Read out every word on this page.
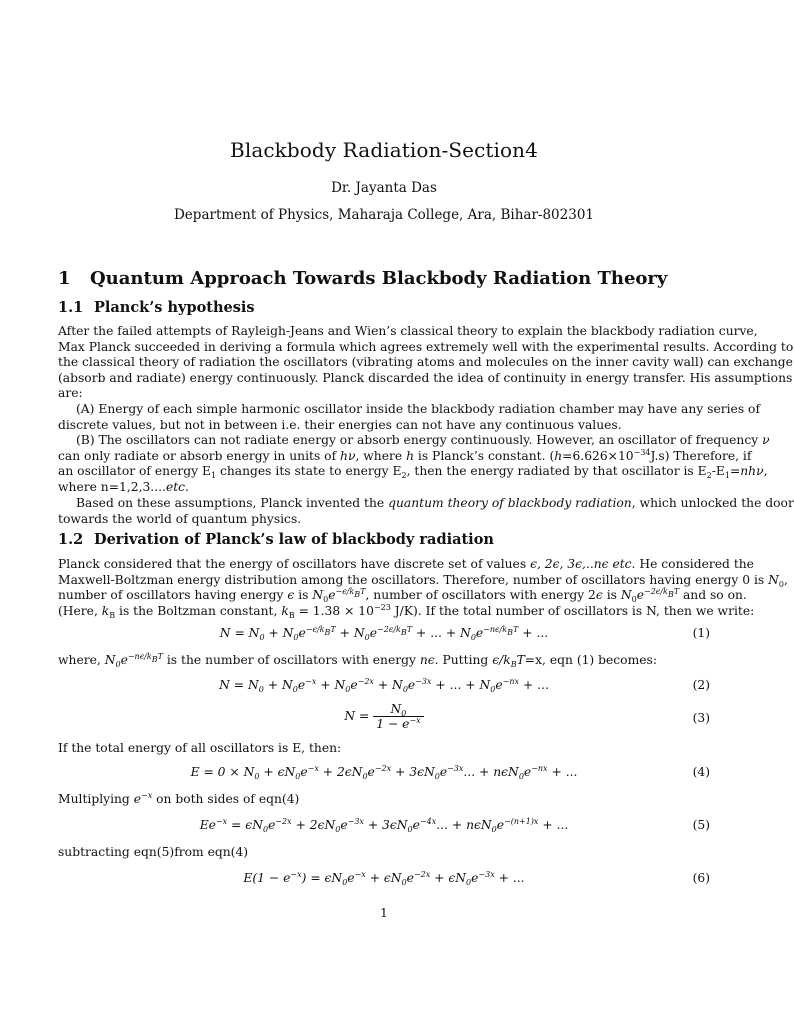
Blackbody Radiation-Section4
Dr. Jayanta Das
Department of Physics, Maharaja College, Ara, Bihar-802301
1 Quantum Approach Towards Blackbody Radiation Theory
1.1 Planck’s hypothesis
After the failed attempts of Rayleigh-Jeans and Wien’s classical theory to explain the blackbody radiation curve,
Max Planck succeeded in deriving a formula which agrees extremely well with the experimental results. According to
the classical theory of radiation the oscillators (vibrating atoms and molecules on the inner cavity wall) can exchange
(absorb and radiate) energy continuously. Planck discarded the idea of continuity in energy transfer. His assumptions
are:
(A) Energy of each simple harmonic oscillator inside the blackbody radiation chamber may have any series of
discrete values, but not in between i.e. their energies can not have any continuous values.
(B) The oscillators can not radiate energy or absorb energy continuously. However, an oscillator of frequency ν
can only radiate or absorb energy in units of hν, where h is Planck’s constant. $(h=6.626\times 10^{-34}J.s)$ Therefore, if
an oscillator of energy $E_1$ changes its state to energy $E_2$, then the energy radiated by that oscillator is $E_2-E_1=nh\nu$,
where n=1,2,3....etc.
Based on these assumptions, Planck invented the quantum theory of blackbody radiation, which unlocked the door
towards the world of quantum physics.
1.2 Derivation of Planck’s law of blackbody radiation
Planck considered that the energy of oscillators have discrete set of values ϵ, 2ϵ, 3ϵ,..nϵ etc. He considered the
Maxwell-Boltzman energy distribution among the oscillators. Therefore, number of oscillators having energy 0 is $N_0$,
number of oscillators having energy ϵ is $N_0e^{-\epsilon/k_BT}$, number of oscillators with energy 2ϵ is $N_0e^{-2\epsilon/k_BT}$ and so on.
(Here, $k_B$ is the Boltzman constant, $k_B = 1.38 \times 10^{-23}$ J/K). If the total number of oscillators is N, then we write:
$N = N_0 + N_0e^{-\epsilon/k_BT} + N_0e^{-2\epsilon/k_BT}$ + ... + $N_0e^{-n\epsilon/k_BT}$ + ...	(1)
where, $N_0e^{-n\epsilon/k_BT}$ is the number of oscillators with energy nϵ. Putting $\epsilon/k_BT=x$, eqn (1) becomes:
$N = N_0 + N_0e^{-x} + N_0e^{-2x} + N_0e^{-3x}$ + ... + $N_0e^{-nx}$ + ...	(2)
$N = \frac{N_0}{1 - e^{-x}}$	(3)
If the total energy of all oscillators is E, then:
$E = 0 \times N_0 + \epsilon N_0e^{-x} + 2\epsilon N_0e^{-2x} + 3\epsilon N_0e^{-3x}$... + $n\epsilon N_0e^{-nx}$ + ...	(4)
Multiplying $e^{-x}$ on both sides of eqn(4)
$Ee^{-x} = \epsilon N_0e^{-2x} + 2\epsilon N_0e^{-3x} + 3\epsilon N_0e^{-4x}$... + $n\epsilon N_0e^{-(n+1)x}$ + ...	(5)
subtracting eqn(5)from eqn(4)
$E(1 - e^{-x}) = \epsilon N_0e^{-x} + \epsilon N_0e^{-2x} + \epsilon N_0e^{-3x}$ + ...	(6)
1
